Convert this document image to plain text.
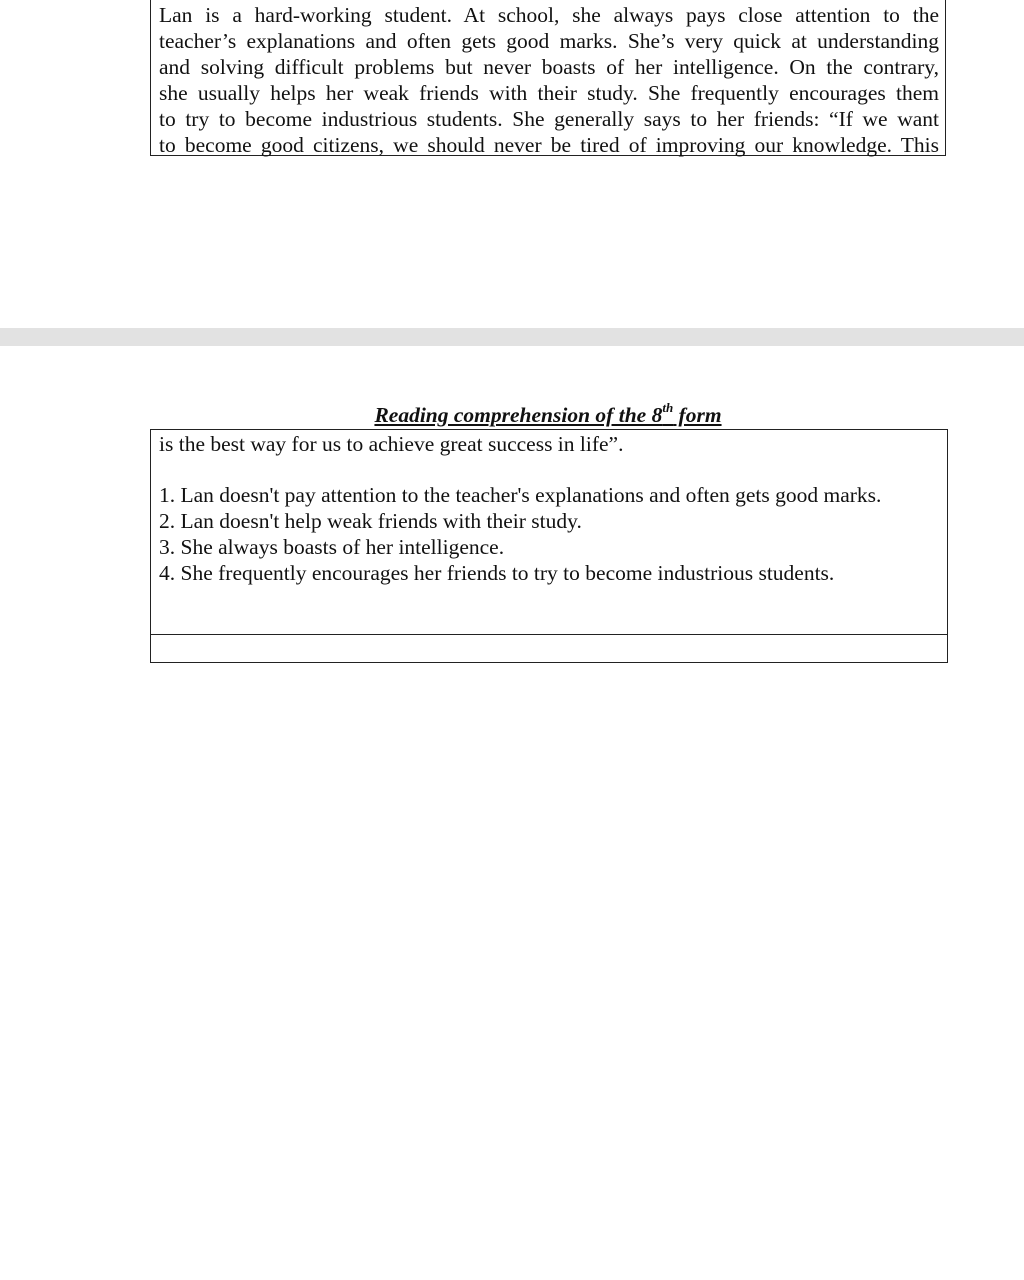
Lan is a hard-working student. At school, she always pays close attention to the
teacher’s explanations and often gets good marks. She’s very quick at understanding
and solving difficult problems but never boasts of her intelligence. On the contrary,
she usually helps her weak friends with their study. She frequently encourages them
to try to become industrious students. She generally says to her friends: “If we want
to become good citizens, we should never be tired of improving our knowledge. This

Reading comprehension of the 8th form

is the best way for us to achieve great success in life”.

1. Lan doesn't pay attention to the teacher's explanations and often gets good marks.
2. Lan doesn't help weak friends with their study.
3. She always boasts of her intelligence.
4. She frequently encourages her friends to try to become industrious students.
